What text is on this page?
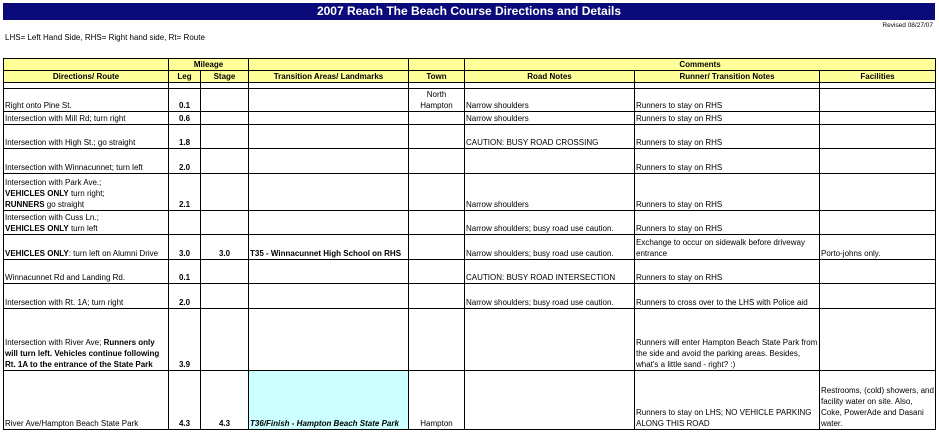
2007 Reach The Beach Course Directions and Details
Revised 08/27/07
LHS= Left Hand Side, RHS= Right hand side, Rt= Route
	Mileage				Comments		
Directions/ Route	Leg	Stage	Transition Areas/ Landmarks	Town	Road Notes	Runner/ Transition Notes	Facilities

Right onto Pine St.	0.1			North Hampton	Narrow shoulders	Runners to stay on RHS	
Intersection with Mill Rd; turn right	0.6				Narrow shoulders	Runners to stay on RHS	
Intersection with High St.; go straight	1.8				CAUTION: BUSY ROAD CROSSING	Runners to stay on RHS	
Intersection with Winnacunnet; turn left	2.0					Runners to stay on RHS	
Intersection with Park Ave.;
VEHICLES ONLY turn right;
RUNNERS go straight	2.1				Narrow shoulders	Runners to stay on RHS	
Intersection with Cuss Ln.;
VEHICLES ONLY turn left					Narrow shoulders; busy road use caution.	Runners to stay on RHS	
VEHICLES ONLY: turn left on Alumni Drive	3.0	3.0	T35 - Winnacunnet High School on RHS		Narrow shoulders; busy road use caution.	Exchange to occur on sidewalk before driveway entrance	Porto-johns only.
Winnacunnet Rd and Landing Rd.	0.1				CAUTION: BUSY ROAD INTERSECTION	Runners to stay on RHS	
Intersection with Rt. 1A; turn right	2.0				Narrow shoulders; busy road use caution.	Runners to cross over to the LHS with Police aid	
Intersection with River Ave; Runners only will turn left. Vehicles continue following Rt. 1A to the entrance of the State Park	3.9					Runners will enter Hampton Beach State Park from the side and avoid the parking areas. Besides, what's a little sand - right? :)	
River Ave/Hampton Beach State Park	4.3	4.3	T36/Finish - Hampton Beach State Park	Hampton		Runners to stay on LHS; NO VEHICLE PARKING ALONG THIS ROAD	Restrooms, (cold) showers, and facility water on site. Also, Coke, PowerAde and Dasani water.
